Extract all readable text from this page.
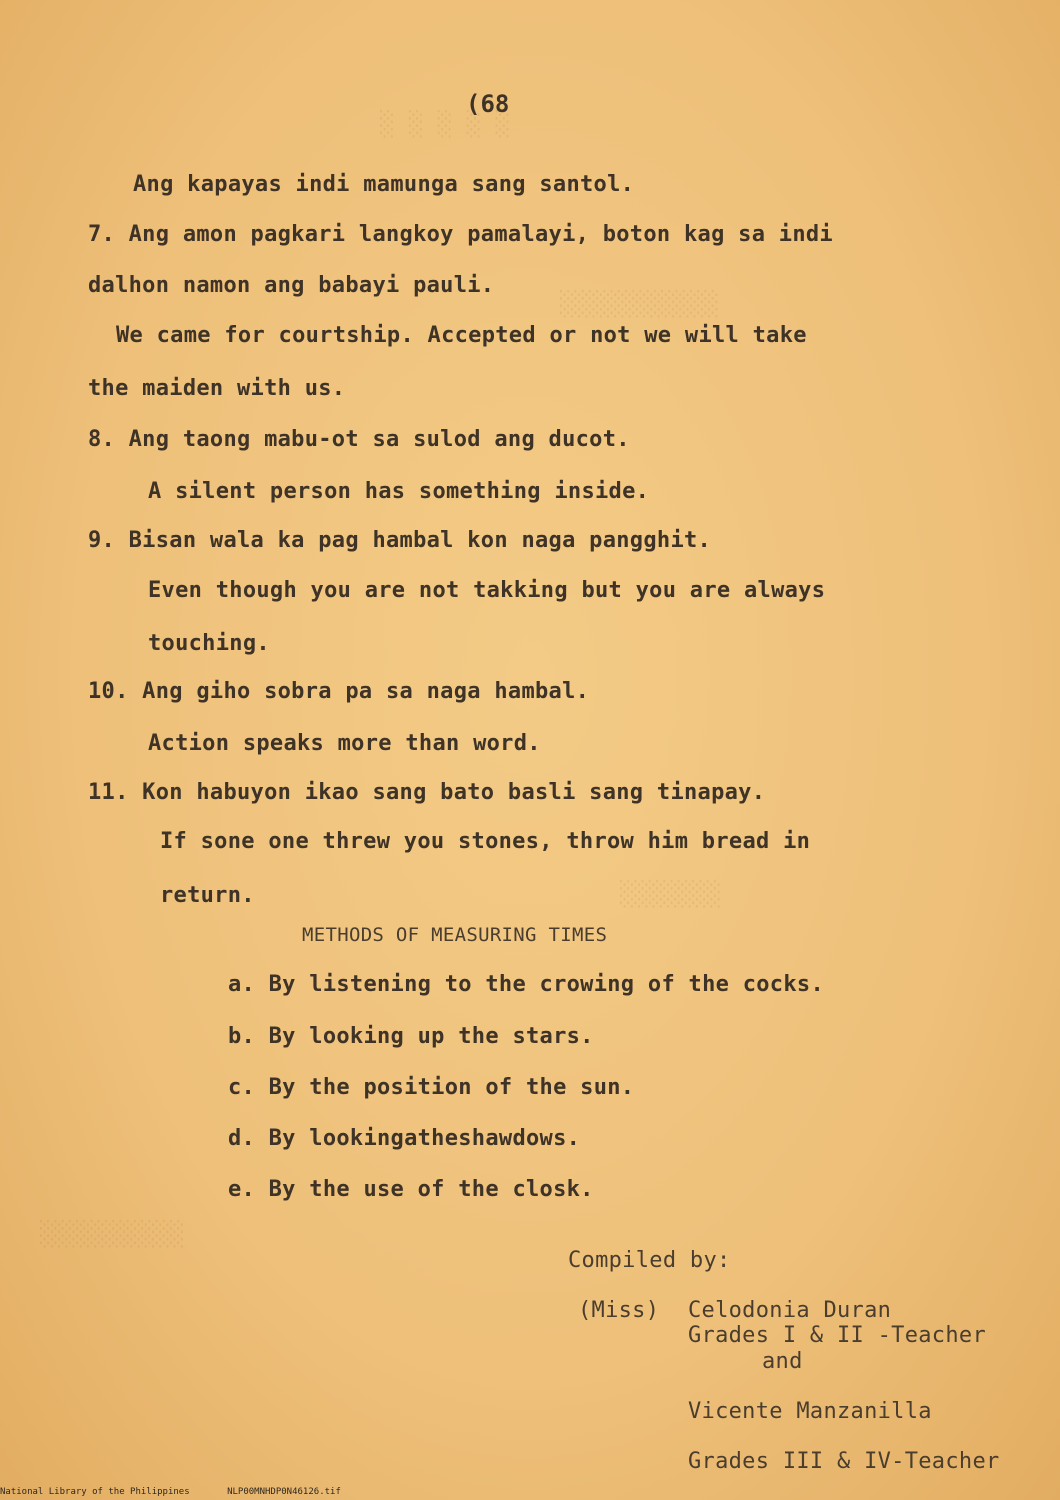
░ ░ ░ ░ ░
░░░░░░░░░░░
░░░░░░░
░░░░░░░░░░
(68
Ang kapayas indi mamunga sang santol.
7. Ang amon pagkari langkoy pamalayi, boton kag sa indi
dalhon namon ang babayi pauli.
We came for courtship. Accepted or not we will take
the maiden with us.
8. Ang taong mabu-ot sa sulod ang ducot.
A silent person has something inside.
9. Bisan wala ka pag hambal kon naga pangghit.
Even though you are not takking but you are always
touching.
10. Ang giho sobra pa sa naga hambal.
Action speaks more than word.
11. Kon habuyon ikao sang bato basli sang tinapay.
If sone one threw you stones, throw him bread in
return.
METHODS OF MEASURING TIMES
a. By listening to the crowing of the cocks.
b. By looking up the stars.
c. By the position of the sun.
d. By lookingatheshawdows.
e. By the use of the closk.
Compiled by:
(Miss) Celodonia Duran
Grades I & II -Teacher
and
Vicente Manzanilla
Grades III & IV-Teacher
National Library of the Philippines	NLP00MNHDP0N46126.tif
